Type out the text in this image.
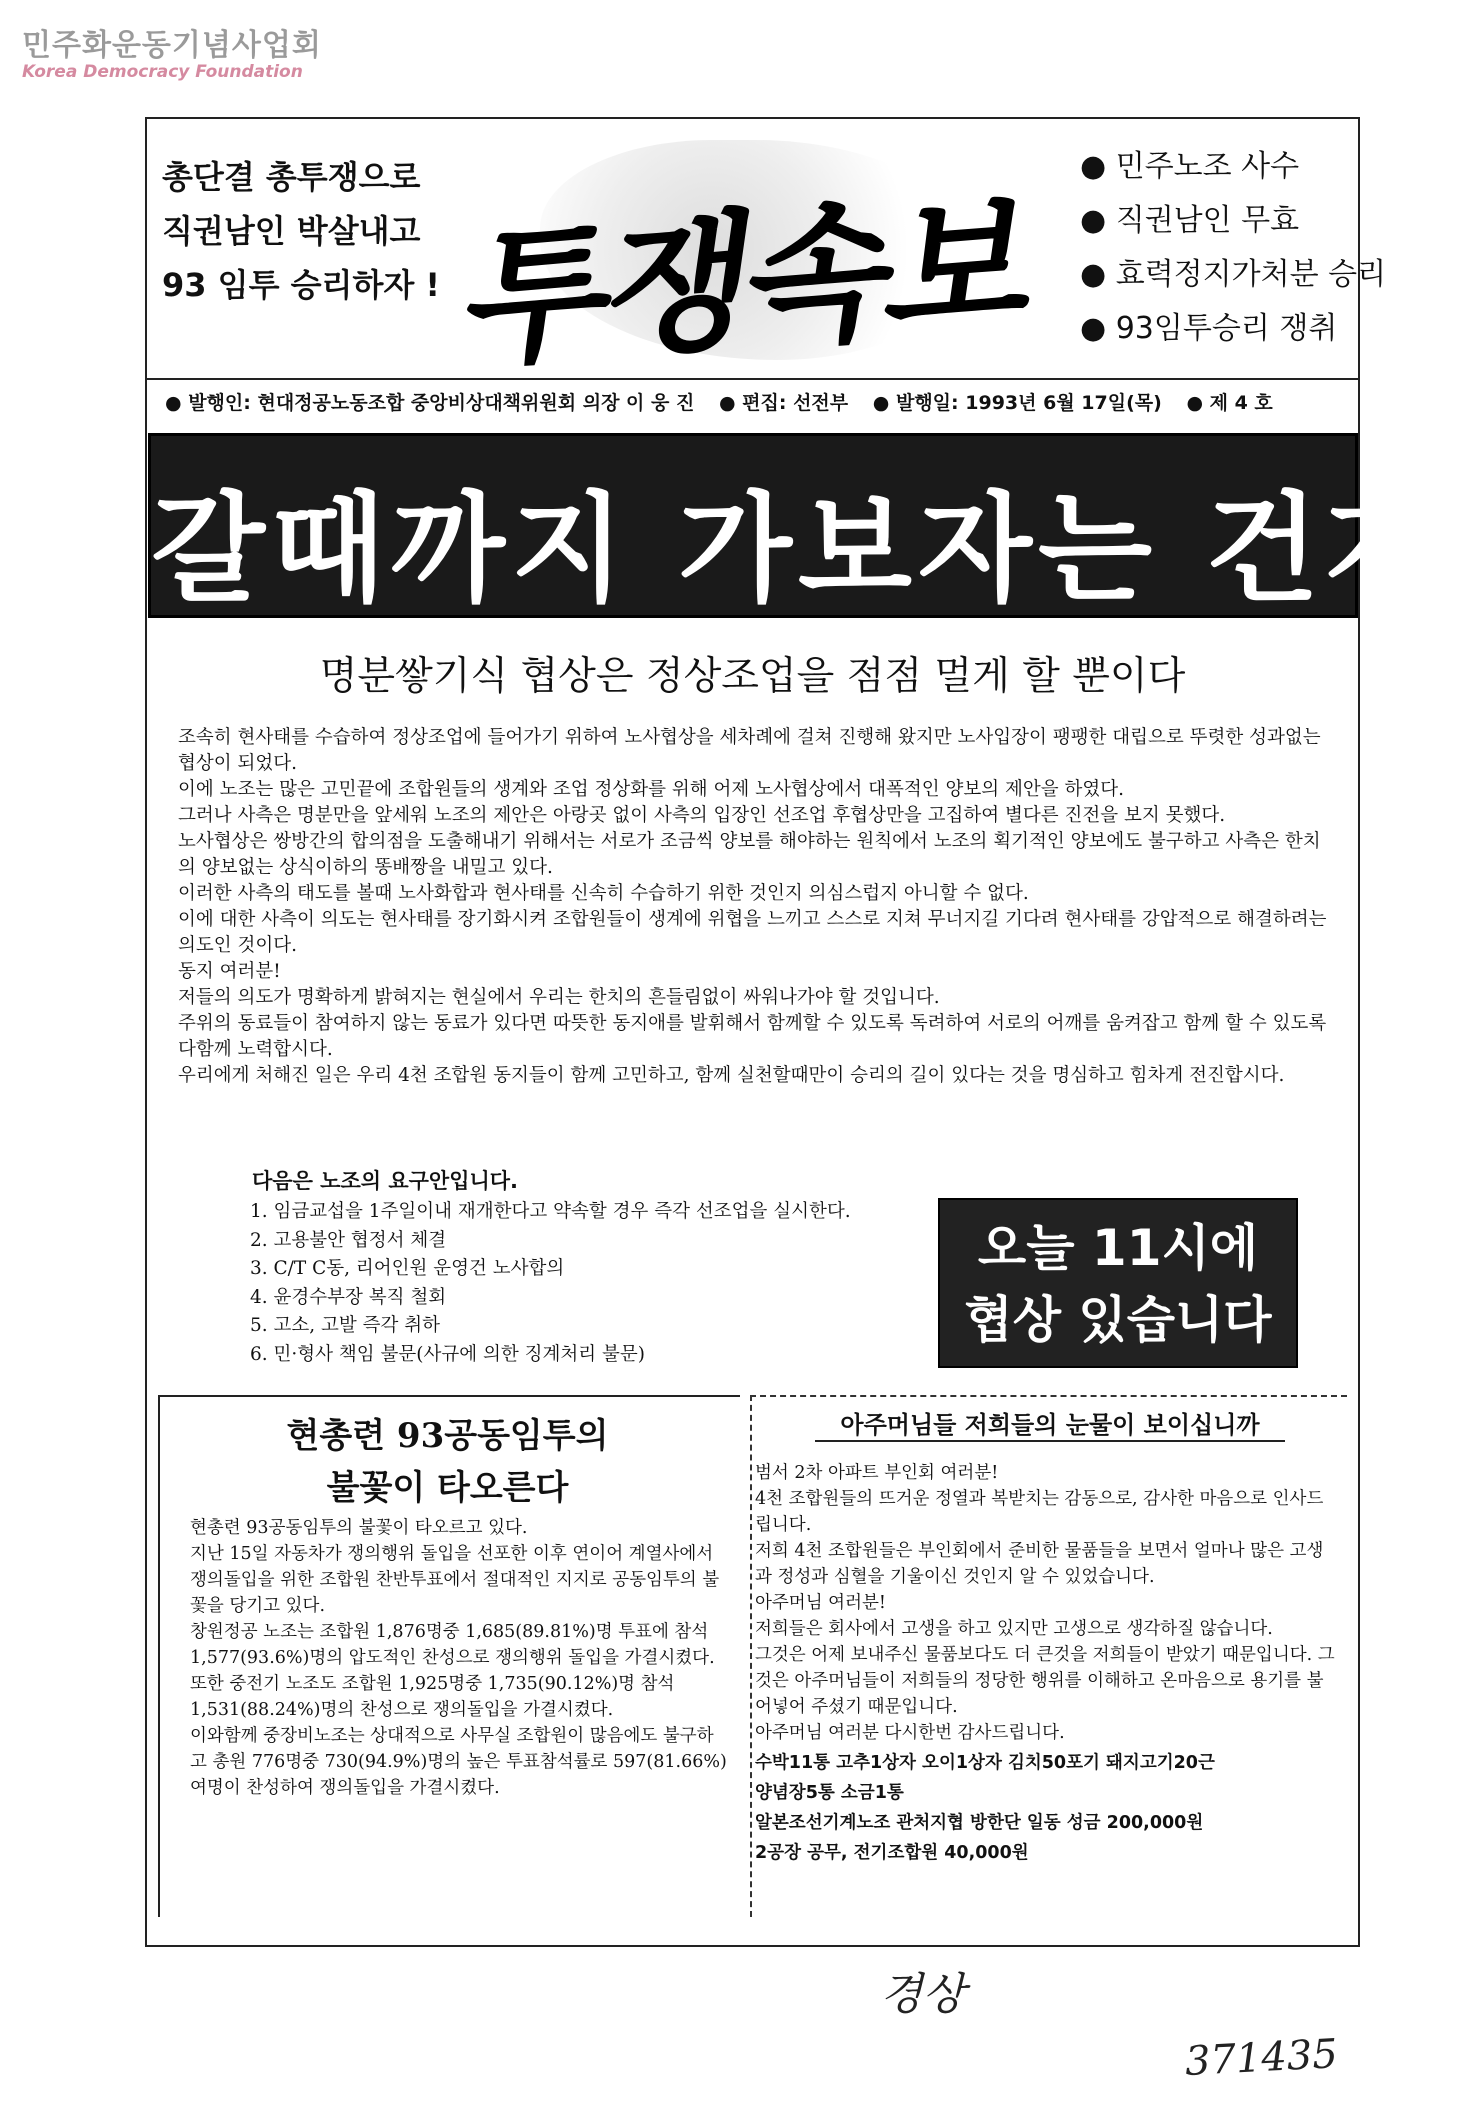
민주화운동기념사업회
Korea Democracy Foundation
총단결 총투쟁으로
직권남인 박살내고
93 임투 승리하자 ! 투쟁속보
● 민주노조 사수
● 직권남인 무효
● 효력정지가처분 승리
● 93임투승리 쟁취
● 발행인: 현대정공노동조합 중앙비상대책위원회 의장 이 웅 진 ● 편집: 선전부 ● 발행일: 1993년 6월 17일(목) ● 제 4 호
갈때까지 가보자는 건가
명분쌓기식 협상은 정상조업을 점점 멀게 할 뿐이다

조속히 현사태를 수습하여 정상조업에 들어가기 위하여 노사협상을 세차례에 걸쳐 진행해 왔지만 노사입장이 팽팽한 대립으로 뚜렷한 성과없는 협상이 되었다.

이에 노조는 많은 고민끝에 조합원들의 생계와 조업 정상화를 위해 어제 노사협상에서 대폭적인 양보의 제안을 하였다.

그러나 사측은 명분만을 앞세워 노조의 제안은 아랑곳 없이 사측의 입장인 선조업 후협상만을 고집하여 별다른 진전을 보지 못했다.

노사협상은 쌍방간의 합의점을 도출해내기 위해서는 서로가 조금씩 양보를 해야하는 원칙에서 노조의 획기적인 양보에도 불구하고 사측은 한치의 양보없는 상식이하의 똥배짱을 내밀고 있다.

이러한 사측의 태도를 볼때 노사화합과 현사태를 신속히 수습하기 위한 것인지 의심스럽지 아니할 수 없다.

이에 대한 사측이 의도는 현사태를 장기화시켜 조합원들이 생계에 위협을 느끼고 스스로 지쳐 무너지길 기다려 현사태를 강압적으로 해결하려는 의도인 것이다.

동지 여러분!

저들의 의도가 명확하게 밝혀지는 현실에서 우리는 한치의 흔들림없이 싸워나가야 할 것입니다.

주위의 동료들이 참여하지 않는 동료가 있다면 따뜻한 동지애를 발휘해서 함께할 수 있도록 독려하여 서로의 어깨를 움켜잡고 함께 할 수 있도록 다함께 노력합시다.

우리에게 처해진 일은 우리 4천 조합원 동지들이 함께 고민하고, 함께 실천할때만이 승리의 길이 있다는 것을 명심하고 힘차게 전진합시다.

다음은 노조의 요구안입니다.
1. 임금교섭을 1주일이내 재개한다고 약속할 경우 즉각 선조업을 실시한다.
2. 고용불안 협정서 체결
3. C/T C동, 리어인원 운영건 노사합의
4. 윤경수부장 복직 철회
5. 고소, 고발 즉각 취하
6. 민·형사 책임 불문(사규에 의한 징계처리 불문)
오늘 11시에
협상 있습니다
현총련 93공동임투의
불꽃이 타오른다

현총련 93공동임투의 불꽃이 타오르고 있다.

지난 15일 자동차가 쟁의행위 돌입을 선포한 이후 연이어 계열사에서 쟁의돌입을 위한 조합원 찬반투표에서 절대적인 지지로 공동임투의 불꽃을 당기고 있다.

창원정공 노조는 조합원 1,876명중 1,685(89.81%)명 투표에 참석 1,577(93.6%)명의 압도적인 찬성으로 쟁의행위 돌입을 가결시켰다.

또한 중전기 노조도 조합원 1,925명중 1,735(90.12%)명 참석 1,531(88.24%)명의 찬성으로 쟁의돌입을 가결시켰다.

이와함께 중장비노조는 상대적으로 사무실 조합원이 많음에도 불구하고 총원 776명중 730(94.9%)명의 높은 투표참석률로 597(81.66%)여명이 찬성하여 쟁의돌입을 가결시켰다.

아주머님들 저희들의 눈물이 보이십니까

범서 2차 아파트 부인회 여러분!

4천 조합원들의 뜨거운 정열과 복받치는 감동으로, 감사한 마음으로 인사드립니다.

저희 4천 조합원들은 부인회에서 준비한 물품들을 보면서 얼마나 많은 고생과 정성과 심혈을 기울이신 것인지 알 수 있었습니다.

아주머님 여러분!

저희들은 회사에서 고생을 하고 있지만 고생으로 생각하질 않습니다.

그것은 어제 보내주신 물품보다도 더 큰것을 저희들이 받았기 때문입니다. 그것은 아주머님들이 저희들의 정당한 행위를 이해하고 온마음으로 용기를 불어넣어 주셨기 때문입니다.

아주머님 여러분 다시한번 감사드립니다.

수박11통 고추1상자 오이1상자 김치50포기 돼지고기20근

양념장5통 소금1통

알본조선기계노조 관처지협 방한단 일동 성금 200,000원

2공장 공무, 전기조합원 40,000원

경상
371435
